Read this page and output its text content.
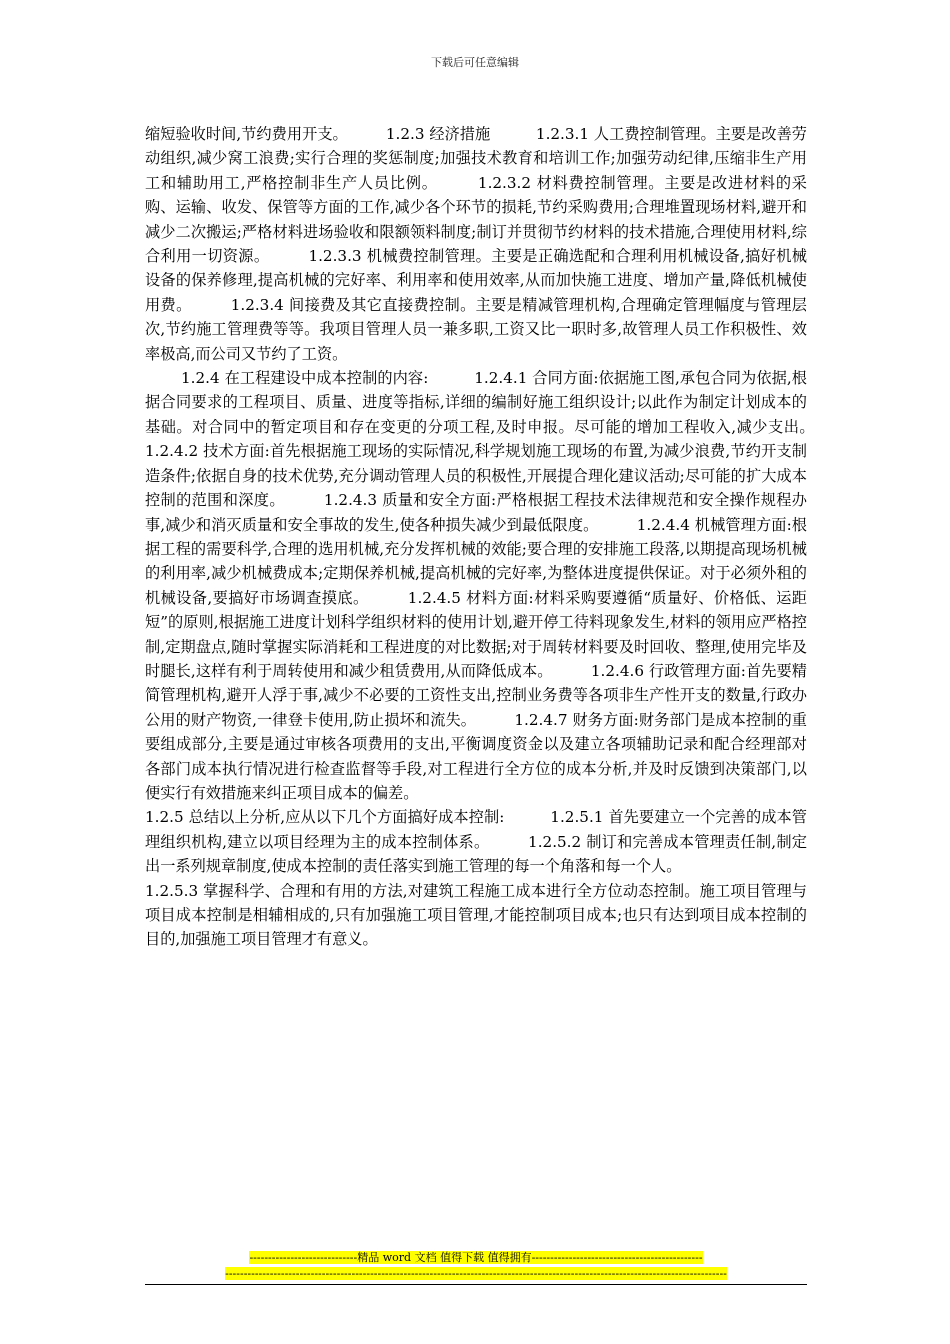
下载后可任意编辑

缩短验收时间,节约费用开支。　　　1.2.3 经济措施　　　1.2.3.1 人工费控制管理。主要是改善劳动组织,减少窝工浪费;实行合理的奖惩制度;加强技术教育和培训工作;加强劳动纪律,压缩非生产用工和辅助用工,严格控制非生产人员比例。　　　1.2.3.2 材料费控制管理。主要是改进材料的采购、运输、收发、保管等方面的工作,减少各个环节的损耗,节约采购费用;合理堆置现场材料,避开和减少二次搬运;严格材料进场验收和限额领料制度;制订并贯彻节约材料的技术措施,合理使用材料,综合利用一切资源。　　　1.2.3.3 机械费控制管理。主要是正确选配和合理利用机械设备,搞好机械设备的保养修理,提高机械的完好率、利用率和使用效率,从而加快施工进度、增加产量,降低机械使用费。　　　1.2.3.4 间接费及其它直接费控制。主要是精减管理机构,合理确定管理幅度与管理层次,节约施工管理费等等。我项目管理人员一兼多职,工资又比一职时多,故管理人员工作积极性、效率极高,而公司又节约了工资。

1.2.4 在工程建设中成本控制的内容:　　　1.2.4.1 合同方面:依据施工图,承包合同为依据,根据合同要求的工程项目、质量、进度等指标,详细的编制好施工组织设计;以此作为制定计划成本的基础。对合同中的暂定项目和存在变更的分项工程,及时申报。尽可能的增加工程收入,减少支出。　　　1.2.4.2 技术方面:首先根据施工现场的实际情况,科学规划施工现场的布置,为减少浪费,节约开支制造条件;依据自身的技术优势,充分调动管理人员的积极性,开展提合理化建议活动;尽可能的扩大成本控制的范围和深度。　　　1.2.4.3 质量和安全方面:严格根据工程技术法律规范和安全操作规程办事,减少和消灭质量和安全事故的发生,使各种损失减少到最低限度。　　　1.2.4.4 机械管理方面:根据工程的需要科学,合理的选用机械,充分发挥机械的效能;要合理的安排施工段落,以期提高现场机械的利用率,减少机械费成本;定期保养机械,提高机械的完好率,为整体进度提供保证。对于必须外租的机械设备,要搞好市场调查摸底。　　　1.2.4.5 材料方面:材料采购要遵循“质量好、价格低、运距短”的原则,根据施工进度计划科学组织材料的使用计划,避开停工待料现象发生,材料的领用应严格控制,定期盘点,随时掌握实际消耗和工程进度的对比数据;对于周转材料要及时回收、整理,使用完毕及时腿长,这样有利于周转使用和减少租赁费用,从而降低成本。　　　1.2.4.6 行政管理方面:首先要精简管理机构,避开人浮于事,减少不必要的工资性支出,控制业务费等各项非生产性开支的数量,行政办公用的财产物资,一律登卡使用,防止损坏和流失。　　　1.2.4.7 财务方面:财务部门是成本控制的重要组成部分,主要是通过审核各项费用的支出,平衡调度资金以及建立各项辅助记录和配合经理部对各部门成本执行情况进行检查监督等手段,对工程进行全方位的成本分析,并及时反馈到决策部门,以便实行有效措施来纠正项目成本的偏差。

1.2.5 总结以上分析,应从以下几个方面搞好成本控制:　　　1.2.5.1 首先要建立一个完善的成本管理组织机构,建立以项目经理为主的成本控制体系。　　　1.2.5.2 制订和完善成本管理责任制,制定出一系列规章制度,使成本控制的责任落实到施工管理的每一个角落和每一个人。

1.2.5.3 掌握科学、合理和有用的方法,对建筑工程施工成本进行全方位动态控制。施工项目管理与项目成本控制是相辅相成的,只有加强施工项目管理,才能控制项目成本;也只有达到项目成本控制的目的,加强施工项目管理才有意义。

-----------------------------精品 word 文档 值得下载 值得拥有----------------------------------------------
---------------------------------------------------------------------------------------------------------------------------------------
